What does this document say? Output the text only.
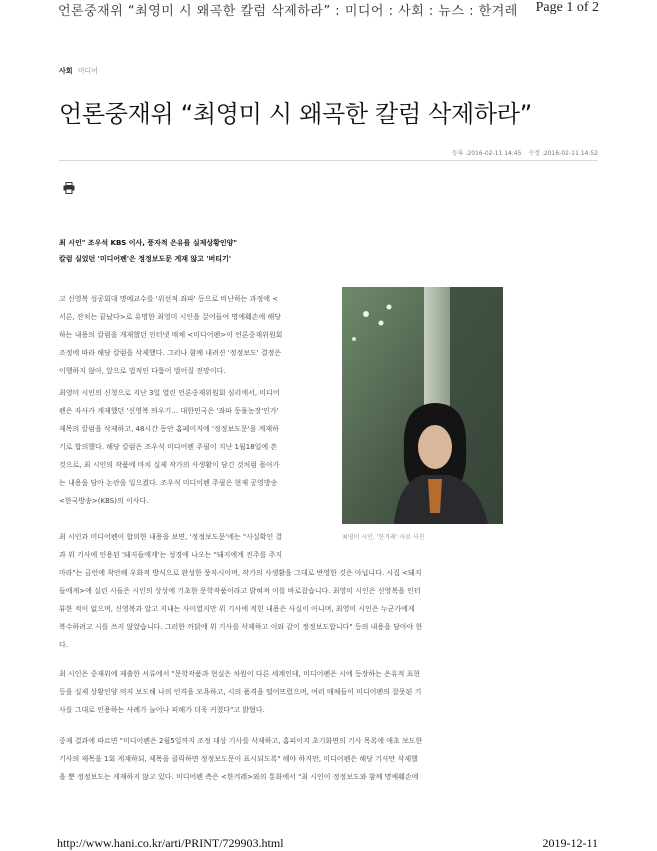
언론중재위 “최영미 시 왜곡한 칼럼 삭제하라” : 미디어 : 사회 : 뉴스 : 한겨레 Page 1 of 2
사회 미디어
언론중재위 “최영미 시 왜곡한 칼럼 삭제하라”
등록 :2016-02-11 14:45 수정 :2016-02-11 14:52
최 시인" 조우석 KBS 이사, 풍자적 은유를 실제상황인양"
칼럼 실었던 '미디어펜'은 정정보도문 게재 않고 '버티기'
고 신영복 성공회대 명예교수를 '위선적 좌파' 등으로 비난하는 과정에 <
서른, 잔치는 끝났다>로 유명한 최영미 시인을 끌어들여 명예훼손에 해당
하는 내용의 칼럼을 게재했던 인터넷 매체 <미디어펜>이 언론중재위원회
조정에 따라 해당 칼럼을 삭제했다. 그러나 함께 내려진 '정정보도' 결정은
이행하지 않아, 앞으로 법적인 다툼이 벌어질 전망이다.
최영미 시인의 신청으로 지난 3일 열린 언론중재위원회 심리에서, 미디어
펜은 자사가 게재했던 '신영복 띄우기… 대한민국은 '좌파 동물농장'인가'
제목의 칼럼을 삭제하고, 48시간 동안 홈페이지에 '정정보도문'을 게재하
기로 합의했다. 해당 칼럼은 조우석 미디어펜 주필이 지난 1월18일에 쓴
것으로, 최 시인의 작품에 마치 실제 작가의 사생활이 담긴 것처럼 몰아가
는 내용을 담아 논란을 일으켰다. 조우석 미디어펜 주필은 현재 공영방송
<한국방송>(KBS)의 이사다.
최영미 시인. '한겨레' 자료 사진
최 시인과 미디어펜이 합의한 내용을 보면, '정정보도문'에는 "사실확인 결
과 위 기사에 인용된 '돼지들에게'는 성경에 나오는 "돼지에게 진주를 주지
마라"는 금언에 착안해 우화적 방식으로 완성한 풍자시이며, 작가의 사생활을 그대로 반영한 것은 아닙니다. 시집 <돼지
들에게>에 실린 시들은 시인의 상상에 기초한 문학작품이라고 밝혀져 이를 바로잡습니다. 최영미 시인은 신영복을 인터
뷰한 적이 없으며, 신영복과 알고 지내는 사이였지만 위 기사에 적힌 내용은 사실이 아니며, 최영미 시인은 누군가에게
복수하려고 시를 쓰지 않았습니다. 그러한 까닭에 위 기사를 삭제하고 이와 같이 정정보도합니다" 등의 내용을 담아야 한
다.
최 시인은 중재위에 제출한 서류에서 "문학작품과 현실은 차원이 다른 세계인데, 미디어펜은 시에 등장하는 은유적 표현
등을 실제 상황인양 억지 보도해 나의 인격을 모욕하고, 시의 품격을 떨어뜨렸으며, 여러 매체들이 미디어펜의 잘못된 기
사를 그대로 인용하는 사례가 늘어나 피해가 더욱 커졌다"고 밝혔다.
중재 결과에 따르면 "미디어펜은 2월5일까지 조정 대상 기사를 삭제하고, 홈피이지 초기화면의 기사 목록에 애초 보도한
기사의 제목을 1회 게재하되, 제목을 클릭하면 정정보도문이 표시되도록" 해야 하지만, 미디어펜은 해당 기사만 삭제했
을 뿐 정정보도는 게재하지 않고 있다. 미디어펜 측은 <한겨레>와의 통화에서 "최 시인이 정정보도와 함께 명예훼손에
http://www.hani.co.kr/arti/PRINT/729903.html	2019-12-11
